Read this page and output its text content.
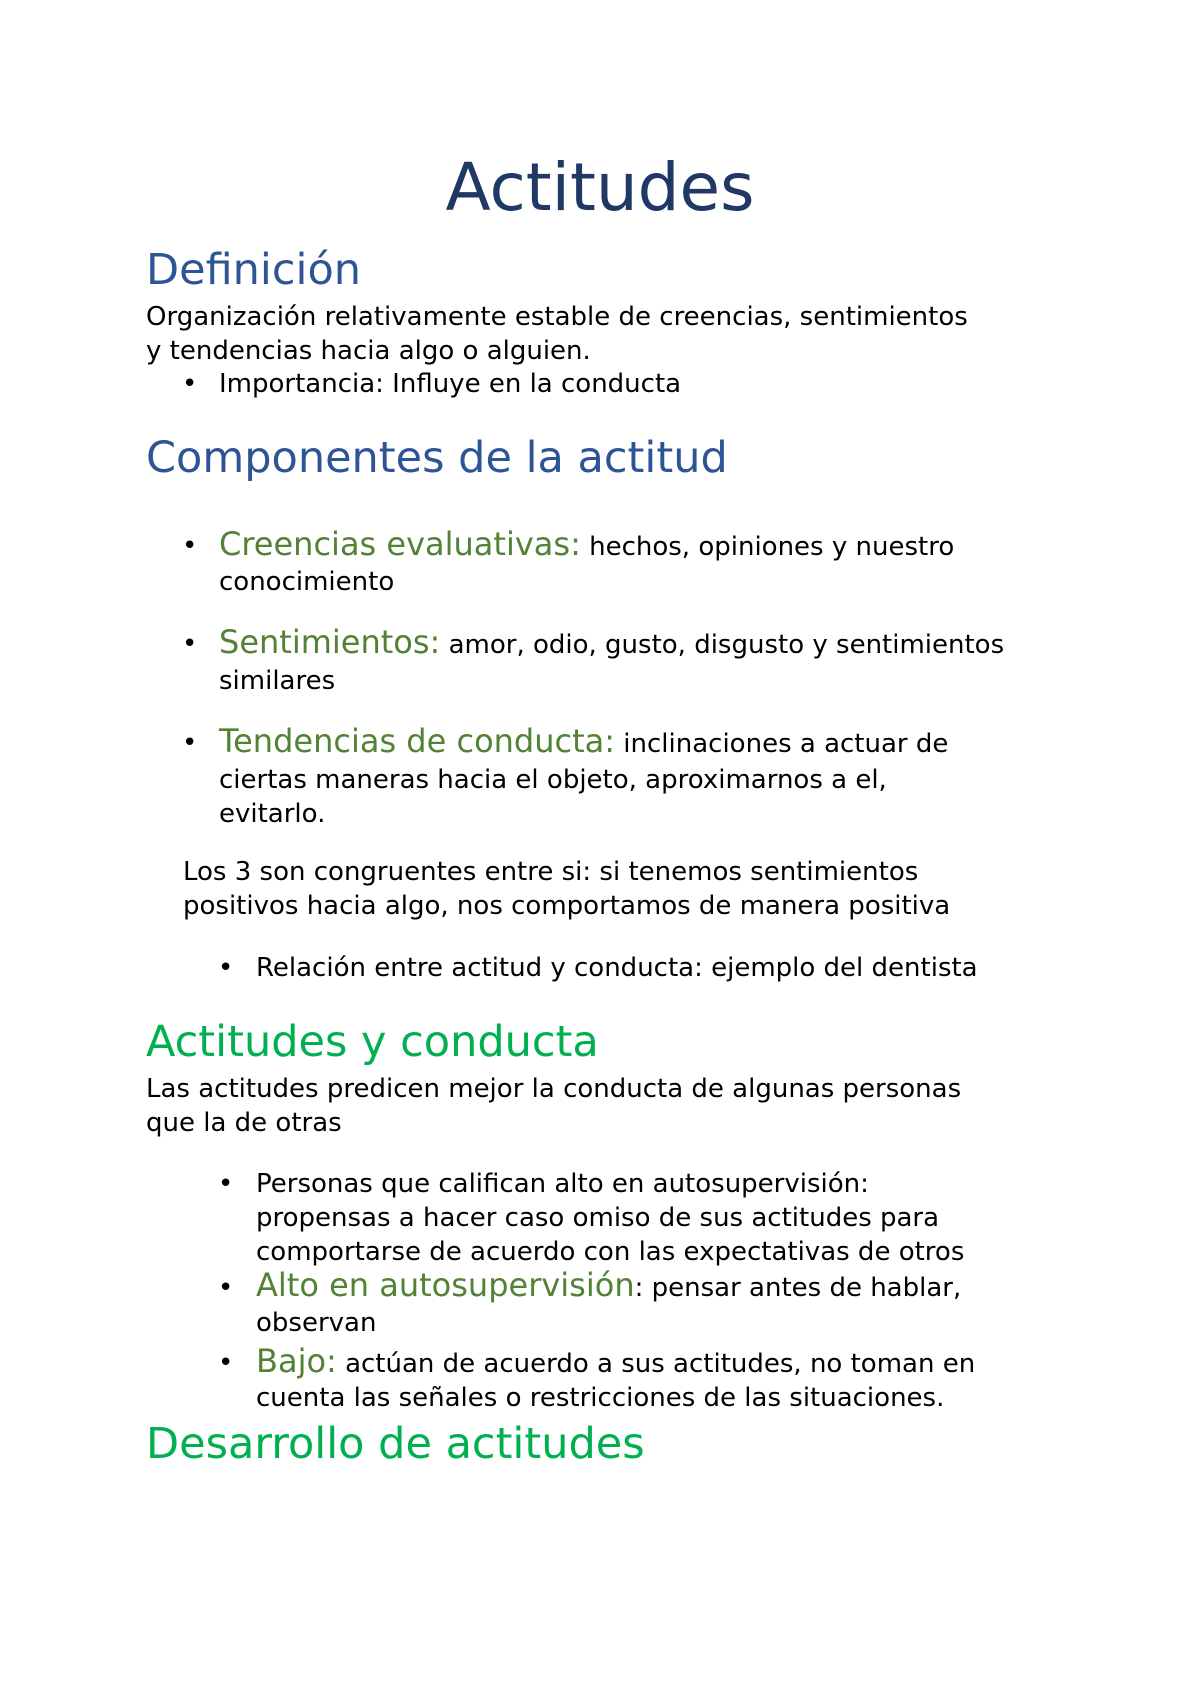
Actitudes
Definición
Organización relativamente estable de creencias, sentimientos
y tendencias hacia algo o alguien.
• Importancia: Influye en la conducta
Componentes de la actitud
• Creencias evaluativas: hechos, opiniones y nuestro
conocimiento
• Sentimientos: amor, odio, gusto, disgusto y sentimientos
similares
• Tendencias de conducta: inclinaciones a actuar de
ciertas maneras hacia el objeto, aproximarnos a el,
evitarlo.
Los 3 son congruentes entre si: si tenemos sentimientos
positivos hacia algo, nos comportamos de manera positiva
• Relación entre actitud y conducta: ejemplo del dentista
Actitudes y conducta
Las actitudes predicen mejor la conducta de algunas personas
que la de otras
• Personas que califican alto en autosupervisión:
propensas a hacer caso omiso de sus actitudes para
comportarse de acuerdo con las expectativas de otros
• Alto en autosupervisión: pensar antes de hablar,
observan
• Bajo: actúan de acuerdo a sus actitudes, no toman en
cuenta las señales o restricciones de las situaciones.
Desarrollo de actitudes
